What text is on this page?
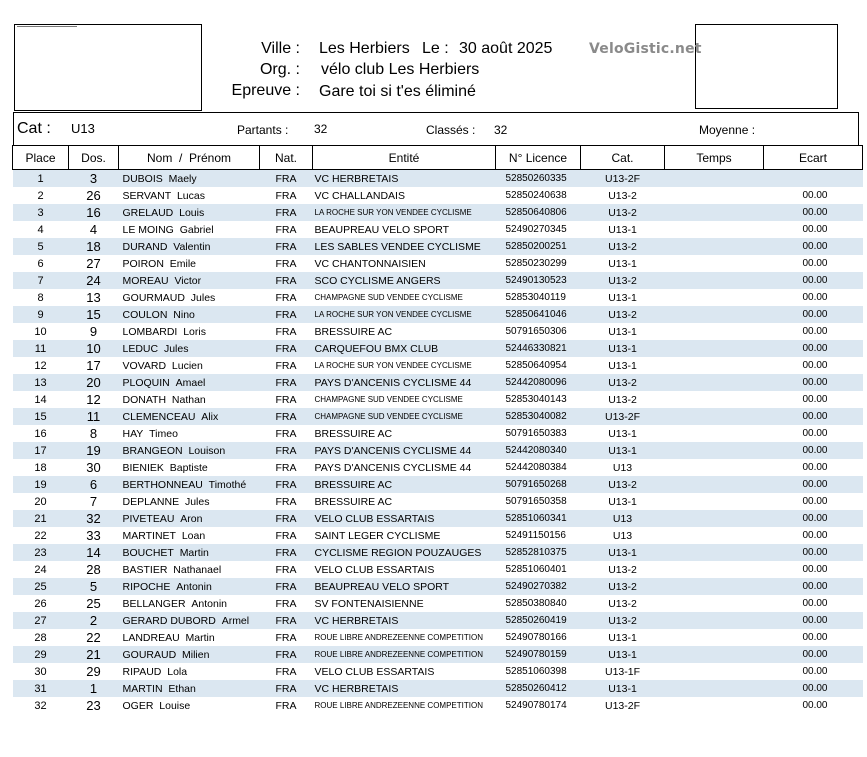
Ville : Les Herbiers Le : 30 août 2025	VeloGistic.net
Org. : vélo club Les Herbiers
Epreuve : Gare toi si t'es éliminé
Cat : U13	Partants : 32	Classés : 32	Moyenne :
Place	Dos.	Nom  /  Prénom	Nat.	Entité	N° Licence	Cat.	Temps	Ecart
1	3	DUBOIS Maely	FRA	VC HERBRETAIS	52850260335	U13-2F		
2	26	SERVANT Lucas	FRA	VC CHALLANDAIS	52850240638	U13-2		00.00
3	16	GRELAUD Louis	FRA	LA ROCHE SUR YON VENDEE CYCLISME	52850640806	U13-2		00.00
4	4	LE MOING Gabriel	FRA	BEAUPREAU VELO SPORT	52490270345	U13-1		00.00
5	18	DURAND Valentin	FRA	LES SABLES VENDEE CYCLISME	52850200251	U13-2		00.00
6	27	POIRON Emile	FRA	VC CHANTONNAISIEN	52850230299	U13-1		00.00
7	24	MOREAU Victor	FRA	SCO CYCLISME ANGERS	52490130523	U13-2		00.00
8	13	GOURMAUD Jules	FRA	CHAMPAGNE SUD VENDEE CYCLISME	52853040119	U13-1		00.00
9	15	COULON Nino	FRA	LA ROCHE SUR YON VENDEE CYCLISME	52850641046	U13-2		00.00
10	9	LOMBARDI Loris	FRA	BRESSUIRE AC	50791650306	U13-1		00.00
11	10	LEDUC Jules	FRA	CARQUEFOU BMX CLUB	52446330821	U13-1		00.00
12	17	VOVARD Lucien	FRA	LA ROCHE SUR YON VENDEE CYCLISME	52850640954	U13-1		00.00
13	20	PLOQUIN Amael	FRA	PAYS D'ANCENIS CYCLISME 44	52442080096	U13-2		00.00
14	12	DONATH Nathan	FRA	CHAMPAGNE SUD VENDEE CYCLISME	52853040143	U13-2		00.00
15	11	CLEMENCEAU Alix	FRA	CHAMPAGNE SUD VENDEE CYCLISME	52853040082	U13-2F		00.00
16	8	HAY Timeo	FRA	BRESSUIRE AC	50791650383	U13-1		00.00
17	19	BRANGEON Louison	FRA	PAYS D'ANCENIS CYCLISME 44	52442080340	U13-1		00.00
18	30	BIENIEK Baptiste	FRA	PAYS D'ANCENIS CYCLISME 44	52442080384	U13		00.00
19	6	BERTHONNEAU Timothé	FRA	BRESSUIRE AC	50791650268	U13-2		00.00
20	7	DEPLANNE Jules	FRA	BRESSUIRE AC	50791650358	U13-1		00.00
21	32	PIVETEAU Aron	FRA	VELO CLUB ESSARTAIS	52851060341	U13		00.00
22	33	MARTINET Loan	FRA	SAINT LEGER CYCLISME	52491150156	U13		00.00
23	14	BOUCHET Martin	FRA	CYCLISME REGION POUZAUGES	52852810375	U13-1		00.00
24	28	BASTIER Nathanael	FRA	VELO CLUB ESSARTAIS	52851060401	U13-2		00.00
25	5	RIPOCHE Antonin	FRA	BEAUPREAU VELO SPORT	52490270382	U13-2		00.00
26	25	BELLANGER Antonin	FRA	SV FONTENAISIENNE	52850380840	U13-2		00.00
27	2	GERARD DUBORD Armel	FRA	VC HERBRETAIS	52850260419	U13-2		00.00
28	22	LANDREAU Martin	FRA	ROUE LIBRE ANDREZEENNE COMPETITION	52490780166	U13-1		00.00
29	21	GOURAUD Milien	FRA	ROUE LIBRE ANDREZEENNE COMPETITION	52490780159	U13-1		00.00
30	29	RIPAUD Lola	FRA	VELO CLUB ESSARTAIS	52851060398	U13-1F		00.00
31	1	MARTIN Ethan	FRA	VC HERBRETAIS	52850260412	U13-1		00.00
32	23	OGER Louise	FRA	ROUE LIBRE ANDREZEENNE COMPETITION	52490780174	U13-2F		00.00
